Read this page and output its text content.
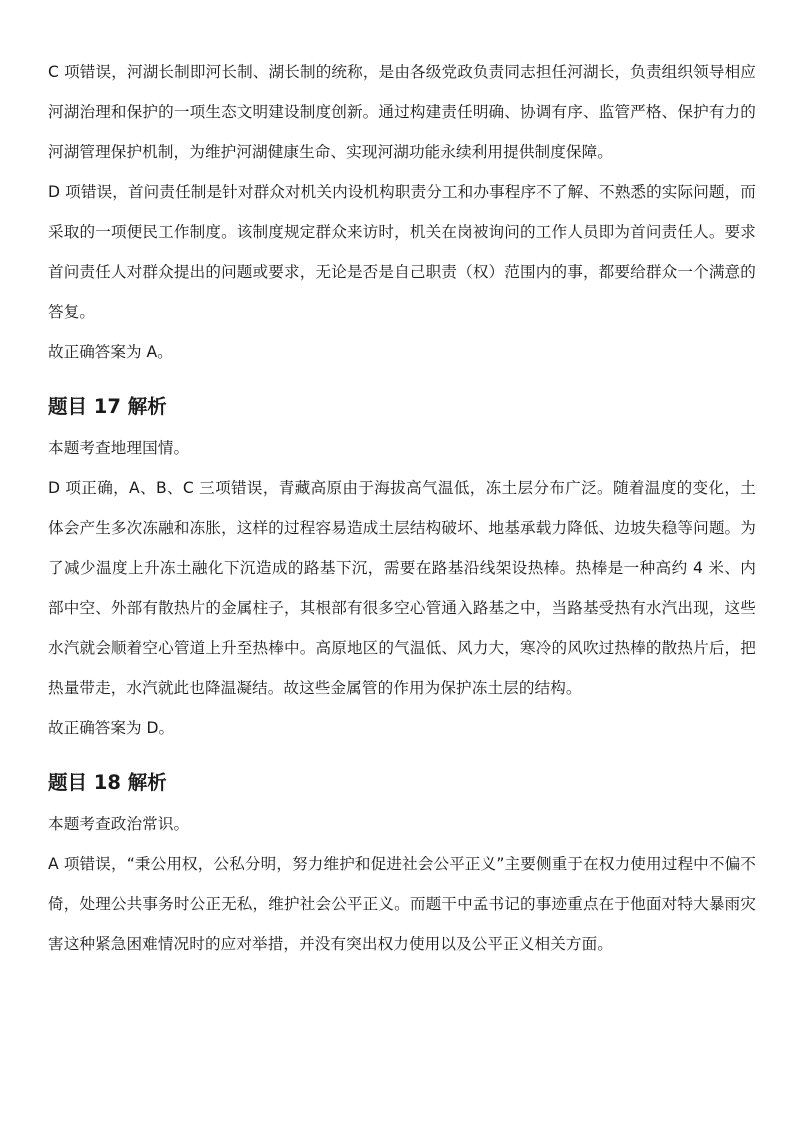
C 项错误，河湖长制即河长制、湖长制的统称，是由各级党政负责同志担任河湖长，负责组织领导相应河湖治理和保护的一项生态文明建设制度创新。通过构建责任明确、协调有序、监管严格、保护有力的河湖管理保护机制，为维护河湖健康生命、实现河湖功能永续利用提供制度保障。

D 项错误，首问责任制是针对群众对机关内设机构职责分工和办事程序不了解、不熟悉的实际问题，而采取的一项便民工作制度。该制度规定群众来访时，机关在岗被询问的工作人员即为首问责任人。要求首问责任人对群众提出的问题或要求，无论是否是自己职责（权）范围内的事，都要给群众一个满意的答复。

故正确答案为 A。

题目 17 解析

本题考查地理国情。

D 项正确，A、B、C 三项错误，青藏高原由于海拔高气温低，冻土层分布广泛。随着温度的变化，土体会产生多次冻融和冻胀，这样的过程容易造成土层结构破坏、地基承载力降低、边坡失稳等问题。为了减少温度上升冻土融化下沉造成的路基下沉，需要在路基沿线架设热棒。热棒是一种高约 4 米、内部中空、外部有散热片的金属柱子，其根部有很多空心管通入路基之中，当路基受热有水汽出现，这些水汽就会顺着空心管道上升至热棒中。高原地区的气温低、风力大，寒冷的风吹过热棒的散热片后，把热量带走，水汽就此也降温凝结。故这些金属管的作用为保护冻土层的结构。

故正确答案为 D。

题目 18 解析

本题考查政治常识。

A 项错误，“秉公用权，公私分明，努力维护和促进社会公平正义”主要侧重于在权力使用过程中不偏不倚，处理公共事务时公正无私，维护社会公平正义。而题干中孟书记的事迹重点在于他面对特大暴雨灾害这种紧急困难情况时的应对举措，并没有突出权力使用以及公平正义相关方面。
